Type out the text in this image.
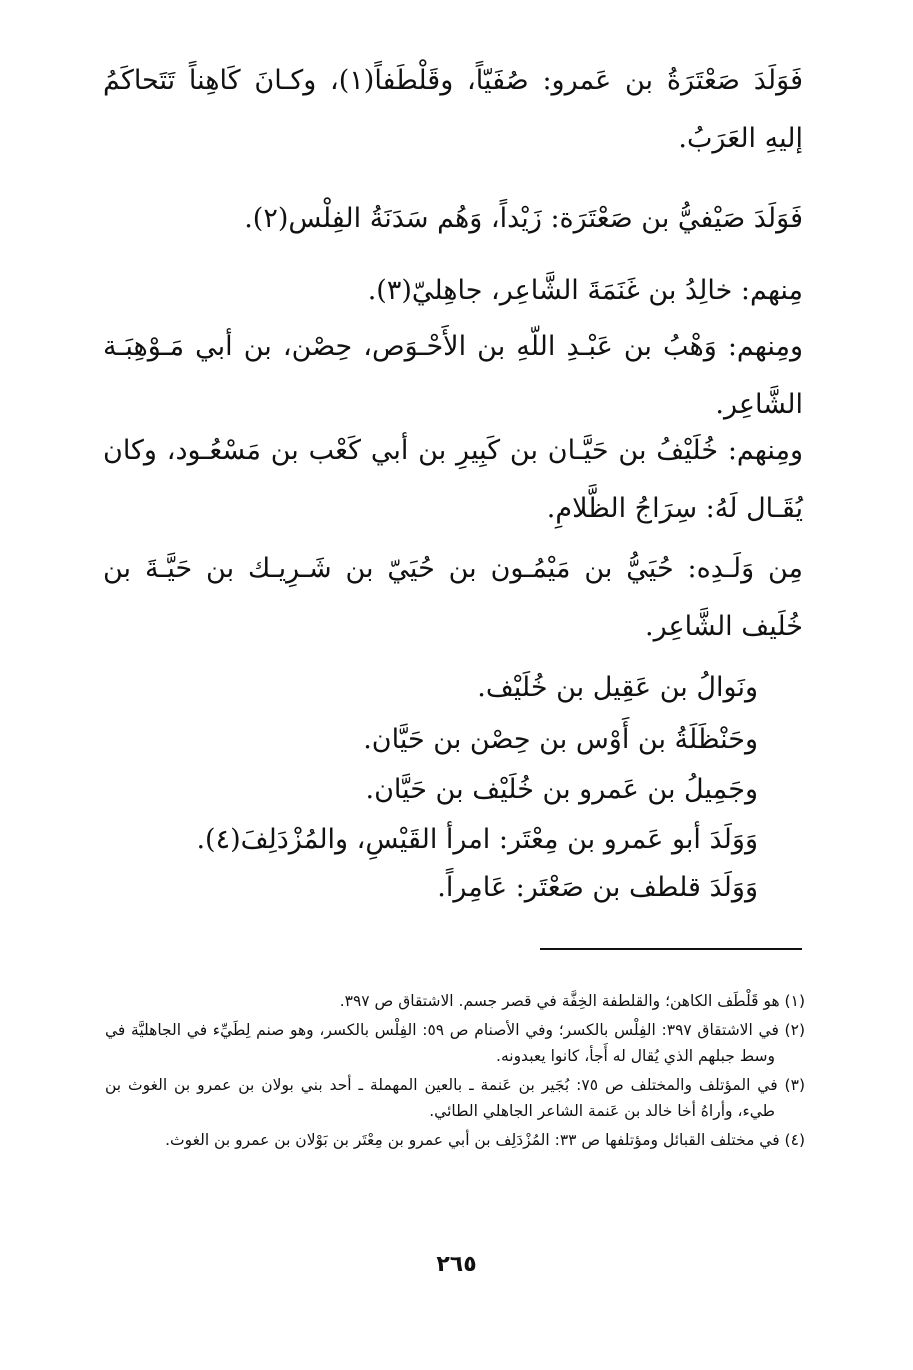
فَوَلَدَ صَعْتَرَةُ بن عَمرو: صُفَيّاً، وقَلْطَفاً(١)، وكـانَ كَاهِناً تَتَحاكَمُ إليهِ العَرَبُ.

فَوَلَدَ صَيْفيُّ بن صَعْتَرَة: زَيْداً، وَهُم سَدَنَةُ الفِلْس(٢).

مِنهم: خالِدُ بن غَنَمَةَ الشَّاعِر، جاهِليّ(٣).

ومِنهم: وَهْبُ بن عَبْـدِ اللّهِ بن الأَحْـوَص، حِصْن، بن أبي مَـوْهِبَـة الشَّاعِر.

ومِنهم: خُلَيْفُ بن حَيَّـان بن كَبِيرِ بن أبي كَعْب بن مَسْعُـود، وكان يُقَـال لَهُ: سِرَاجُ الظَّلامِ.

مِن وَلَـدِه: حُيَيُّ بن مَيْمُـون بن حُيَيّ بن شَـرِيـك بن حَيَّـةَ بن خُلَيف الشَّاعِر.

ونَوالُ بن عَقِيل بن خُلَيْف.

وحَنْظَلَةُ بن أَوْس بن حِصْن بن حَيَّان.

وجَمِيلُ بن عَمرو بن خُلَيْف بن حَيَّان.

وَوَلَدَ أبو عَمرو بن مِعْتَر: امرأ القَيْسِ، والمُزْدَلِفَ(٤).

وَوَلَدَ قلطف بن صَعْتَر: عَامِراً.

(١) هو قَلْطَف الكاهن؛ والقلطفة الخِفَّة في قصر جسم. الاشتقاق ص ٣٩٧.

(٢) في الاشتقاق ٣٩٧: الفِلْس بالكسر؛ وفي الأصنام ص ٥٩: الفِلْس بالكسر، وهو صنم لِطَيِّء في الجاهليَّة في وسط جبلهم الذي يُقال له أَجأ، كانوا يعبدونه.

(٣) في المؤتلف والمختلف ص ٧٥: بُجَير بن عَنمة ـ بالعين المهملة ـ أحد بني بولان بن عمرو بن الغوث بن طيء، وأراهُ أخا خالد بن عَنمة الشاعر الجاهلي الطائي.

(٤) في مختلف القبائل ومؤتلفها ص ٣٣: المُزْدَلِف بن أبي عمرو بن مِعْتَر بن بَوْلان بن عمرو بن الغوث.

٢٦٥
